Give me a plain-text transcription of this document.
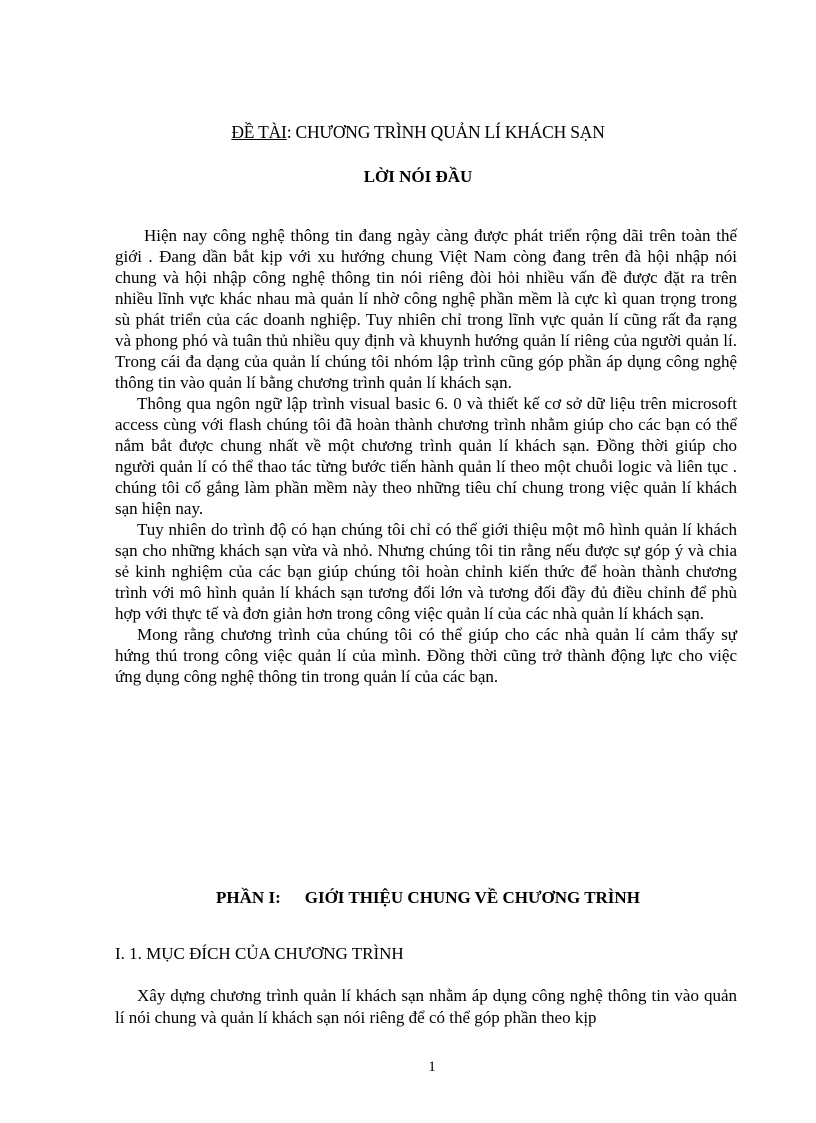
ĐỀ TÀI: CHƯƠNG TRÌNH QUẢN LÍ KHÁCH SẠN
LỜI NÓI ĐẦU

Hiện nay công nghệ thông tin đang ngày càng được phát triển rộng dãi trên toàn thế giới . Đang dần bắt kịp với xu hướng chung Việt Nam còng đang trên đà hội nhập nói chung và hội nhập công nghệ thông tin nói riêng đòi hỏi nhiều vấn đề được đặt ra trên nhiều lĩnh vực khác nhau mà quản lí nhờ công nghệ phần mềm là cực kì quan trọng trong sù phát triển của các doanh nghiệp. Tuy nhiên chỉ trong lĩnh vực quản lí cũng rất đa rạng và phong phó và tuân thủ nhiều quy định và khuynh hướng quản lí riêng của người quản lí. Trong cái đa dạng của quản lí chúng tôi nhóm lập trình cũng góp phần áp dụng công nghệ thông tin vào quản lí bằng chương trình quản lí khách sạn.

Thông qua ngôn ngữ lập trình visual basic 6. 0 và thiết kế cơ sở dữ liệu trên microsoft access cùng với flash chúng tôi đã hoàn thành chương trình nhằm giúp cho các bạn có thể nắm bắt được chung nhất về một chương trình quản lí khách sạn. Đồng thời giúp cho người quản lí có thể thao tác từng bước tiến hành quản lí theo một chuỗi logic và liên tục . chúng tôi cố gắng làm phần mềm này theo những tiêu chí chung trong việc quản lí khách sạn hiện nay.

Tuy nhiên do trình độ có hạn chúng tôi chỉ có thể giới thiệu một mô hình quản lí khách sạn cho những khách sạn vừa và nhỏ. Nhưng chúng tôi tin rằng nếu được sự góp ý và chia sẻ kinh nghiệm của các bạn giúp chúng tôi hoàn chỉnh kiến thức để hoàn thành chương trình với mô hình quản lí khách sạn tương đối lớn và tương đối đầy đủ điều chỉnh để phù hợp với thực tế và đơn giản hơn trong công việc quản lí của các nhà quản lí khách sạn.

Mong rằng chương trình của chúng tôi có thể giúp cho các nhà quản lí cảm thấy sự hứng thú trong công việc quản lí của mình. Đồng thời cũng trở thành động lực cho việc ứng dụng công nghệ thông tin trong quản lí của các bạn.

PHẦN I: GIỚI THIỆU CHUNG VỀ CHƯƠNG TRÌNH
I. 1. MỤC ĐÍCH CỦA CHƯƠNG TRÌNH

Xây dựng chương trình quản lí khách sạn nhằm áp dụng công nghệ thông tin vào quản lí nói chung và quản lí khách sạn nói riêng để có thể góp phần theo kịp

1
